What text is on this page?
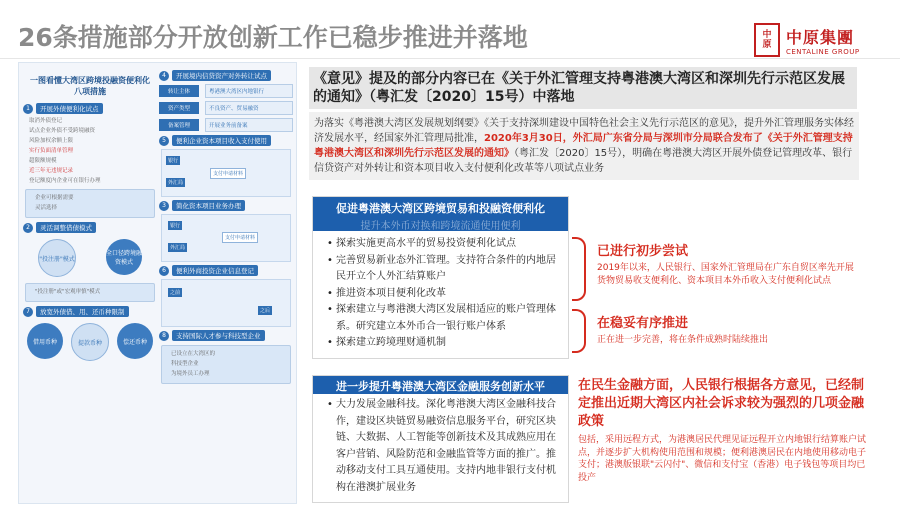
26条措施部分开放创新工作已稳步推进并落地	中
原 中原集團
CENTALINE GROUP
一图看懂大湾区跨境投融资便利化
八项措施
1	开展外债便利化试点
取消外债登记
试点企业外债不受跨境融资
风险加权余额上限
实行负面清单管理
超限额规模
近三年无违规记录
登记额度内企业可在银行办理
企业可根据需要
灵活选择
2	灵活调整借债模式
"投注册"模式
全口径跨境融资模式
"投注册"或"宏观审慎"模式
7	放宽外债借、用、还币种限制
借用币种	提款币种	偿还币种
4	开展境内信贷资产对外转让试点
转让主体	粤港澳大湾区内地银行
资产类型	不良资产、贸易融资
备案管理	开展业务前备案
5	便利企业资本项目收入支付使用
银行
支付申请材料
外汇局
3	简化资本项目业务办理
银行
外汇局
支付申请材料
6	便利外商投资企业信息登记
之前
之后
8	支持国际人才参与科技型企业
已设立在大湾区的
科技型企业
为境外员工办理
《意见》提及的部分内容已在《关于外汇管理支持粤港澳大湾区和深圳先行示范区发展的通知》（粤汇发〔2020〕15号）中落地
为落实《粤港澳大湾区发展规划纲要》《关于支持深圳建设中国特色社会主义先行示范区的意见》，提升外汇管理服务实体经济发展水平，经国家外汇管理局批准，2020年3月30日，外汇局广东省分局与深圳市分局联合发布了《关于外汇管理支持粤港澳大湾区和深圳先行示范区发展的通知》（粤汇发〔2020〕15号），明确在粤港澳大湾区开展外债登记管理改革、银行信贷资产对外转让和资本项目收入支付便利化改革等八项试点业务
促进粤港澳大湾区跨境贸易和投融资便利化
提升本外币对换和跨境流通使用便利
• 探索实施更高水平的贸易投资便利化试点
• 完善贸易新业态外汇管理。支持符合条件的内地居民开立个人外汇结算账户
• 推进资本项目便利化改革
• 探索建立与粤港澳大湾区发展相适应的账户管理体系。研究建立本外币合一银行账户体系
• 探索建立跨境理财通机制
进一步提升粤港澳大湾区金融服务创新水平
• 大力发展金融科技。深化粤港澳大湾区金融科技合作，建设区块链贸易融资信息服务平台，研究区块链、大数据、人工智能等创新技术及其成熟应用在客户营销、风险防范和金融监管等方面的推广。推动移动支付工具互通使用。支持内地非银行支付机构在港澳扩展业务
已进行初步尝试
2019年以来，人民银行、国家外汇管理局在广东自贸区率先开展货物贸易收支便利化、资本项目本外币收入支付便利化试点
在稳妥有序推进
正在进一步完善，将在条件成熟时陆续推出
在民生金融方面，人民银行根据各方意见，已经制定推出近期大湾区内社会诉求较为强烈的几项金融政策
包括，采用远程方式，为港澳居民代理见证远程开立内地银行结算账户试点，并逐步扩大机构使用范围和规模；便利港澳居民在内地使用移动电子支付；港澳版银联"云闪付"、微信和支付宝（香港）电子钱包等项目均已投产
